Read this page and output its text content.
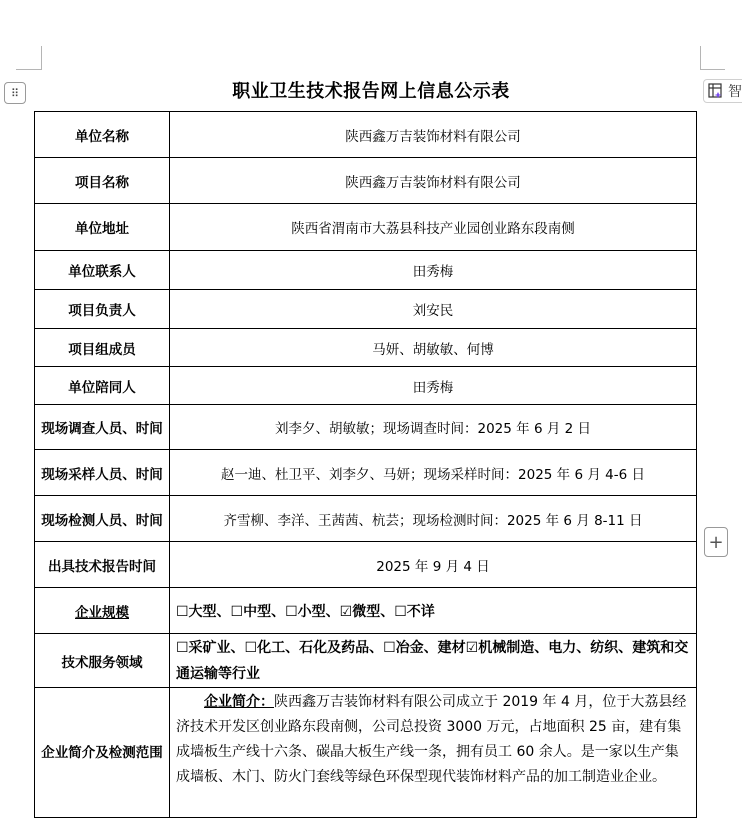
⠿	智
+
职业卫生技术报告网上信息公示表
单位名称	陕西鑫万吉装饰材料有限公司
项目名称	陕西鑫万吉装饰材料有限公司
单位地址	陕西省渭南市大荔县科技产业园创业路东段南侧
单位联系人	田秀梅
项目负责人	刘安民
项目组成员	马妍、胡敏敏、何博
单位陪同人	田秀梅
现场调查人员、时间	刘李夕、胡敏敏；现场调查时间：2025 年 6 月 2 日
现场采样人员、时间	赵一迪、杜卫平、刘李夕、马妍；现场采样时间：2025 年 6 月 4-6 日
现场检测人员、时间	齐雪柳、李洋、王茜茜、杭芸；现场检测时间：2025 年 6 月 8-11 日
出具技术报告时间	2025 年 9 月 4 日
企业规模	☐大型、☐中型、☐小型、☑微型、☐不详
技术服务领域	☐采矿业、☐化工、石化及药品、☐冶金、建材☑机械制造、电力、纺织、建筑和交通运输等行业
企业简介及检测范围	企业简介：陕西鑫万吉装饰材料有限公司成立于 2019 年 4 月，位于大荔县经济技术开发区创业路东段南侧，公司总投资 3000 万元，占地面积 25 亩，建有集成墙板生产线十六条、碳晶大板生产线一条，拥有员工 60 余人。是一家以生产集成墙板、木门、防火门套线等绿色环保型现代装饰材料产品的加工制造业企业。
